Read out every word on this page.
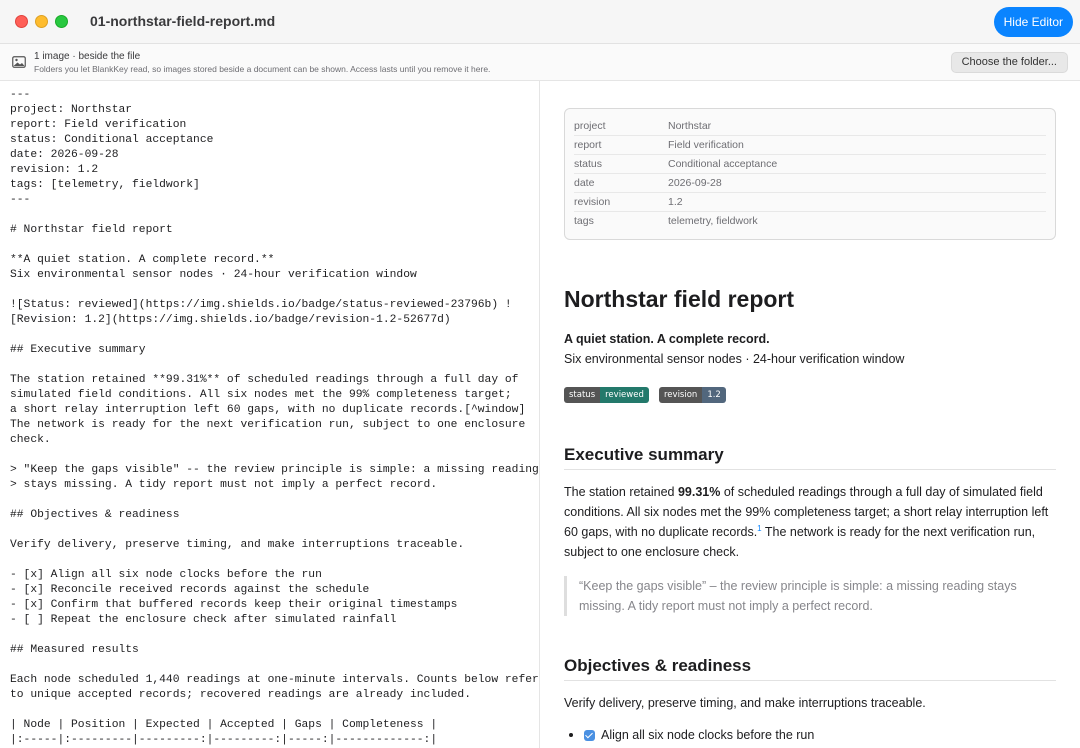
01-northstar-field-report.md	Hide Editor
1 image · beside the file
Folders you let BlankKey read, so images stored beside a document can be shown. Access lasts until you remove it here.
Choose the folder...
---
project: Northstar
report: Field verification
status: Conditional acceptance
date: 2026-09-28
revision: 1.2
tags: [telemetry, fieldwork]
---

# Northstar field report

**A quiet station. A complete record.**
Six environmental sensor nodes · 24-hour verification window

![Status: reviewed](https://img.shields.io/badge/status-reviewed-23796b) !
[Revision: 1.2](https://img.shields.io/badge/revision-1.2-52677d)

## Executive summary

The station retained **99.31%** of scheduled readings through a full day of
simulated field conditions. All six nodes met the 99% completeness target;
a short relay interruption left 60 gaps, with no duplicate records.[^window]
The network is ready for the next verification run, subject to one enclosure
check.

> "Keep the gaps visible" -- the review principle is simple: a missing reading
> stays missing. A tidy report must not imply a perfect record.

## Objectives & readiness

Verify delivery, preserve timing, and make interruptions traceable.

- [x] Align all six node clocks before the run
- [x] Reconcile received records against the schedule
- [x] Confirm that buffered records keep their original timestamps
- [ ] Repeat the enclosure check after simulated rainfall

## Measured results

Each node scheduled 1,440 readings at one-minute intervals. Counts below refer
to unique accepted records; recovered readings are already included.

| Node | Position | Expected | Accepted | Gaps | Completeness |
|:-----|:---------|---------:|---------:|-----:|-------------:|
project	Northstar
report	Field verification
status	Conditional acceptance
date	2026-09-28
revision	1.2
tags	telemetry, fieldwork
Northstar field report
A quiet station. A complete record.
Six environmental sensor nodes · 24-hour verification window
status	reviewed	revision	1.2
Executive summary
The station retained 99.31% of scheduled readings through a full day of simulated field conditions. All six nodes met the 99% completeness target; a short relay interruption left 60 gaps, with no duplicate records.$^1$ The network is ready for the next verification run, subject to one enclosure check.
“Keep the gaps visible” – the review principle is simple: a missing reading stays missing. A tidy report must not imply a perfect record.
Objectives & readiness
Verify delivery, preserve timing, and make interruptions traceable.
Align all six node clocks before the run
